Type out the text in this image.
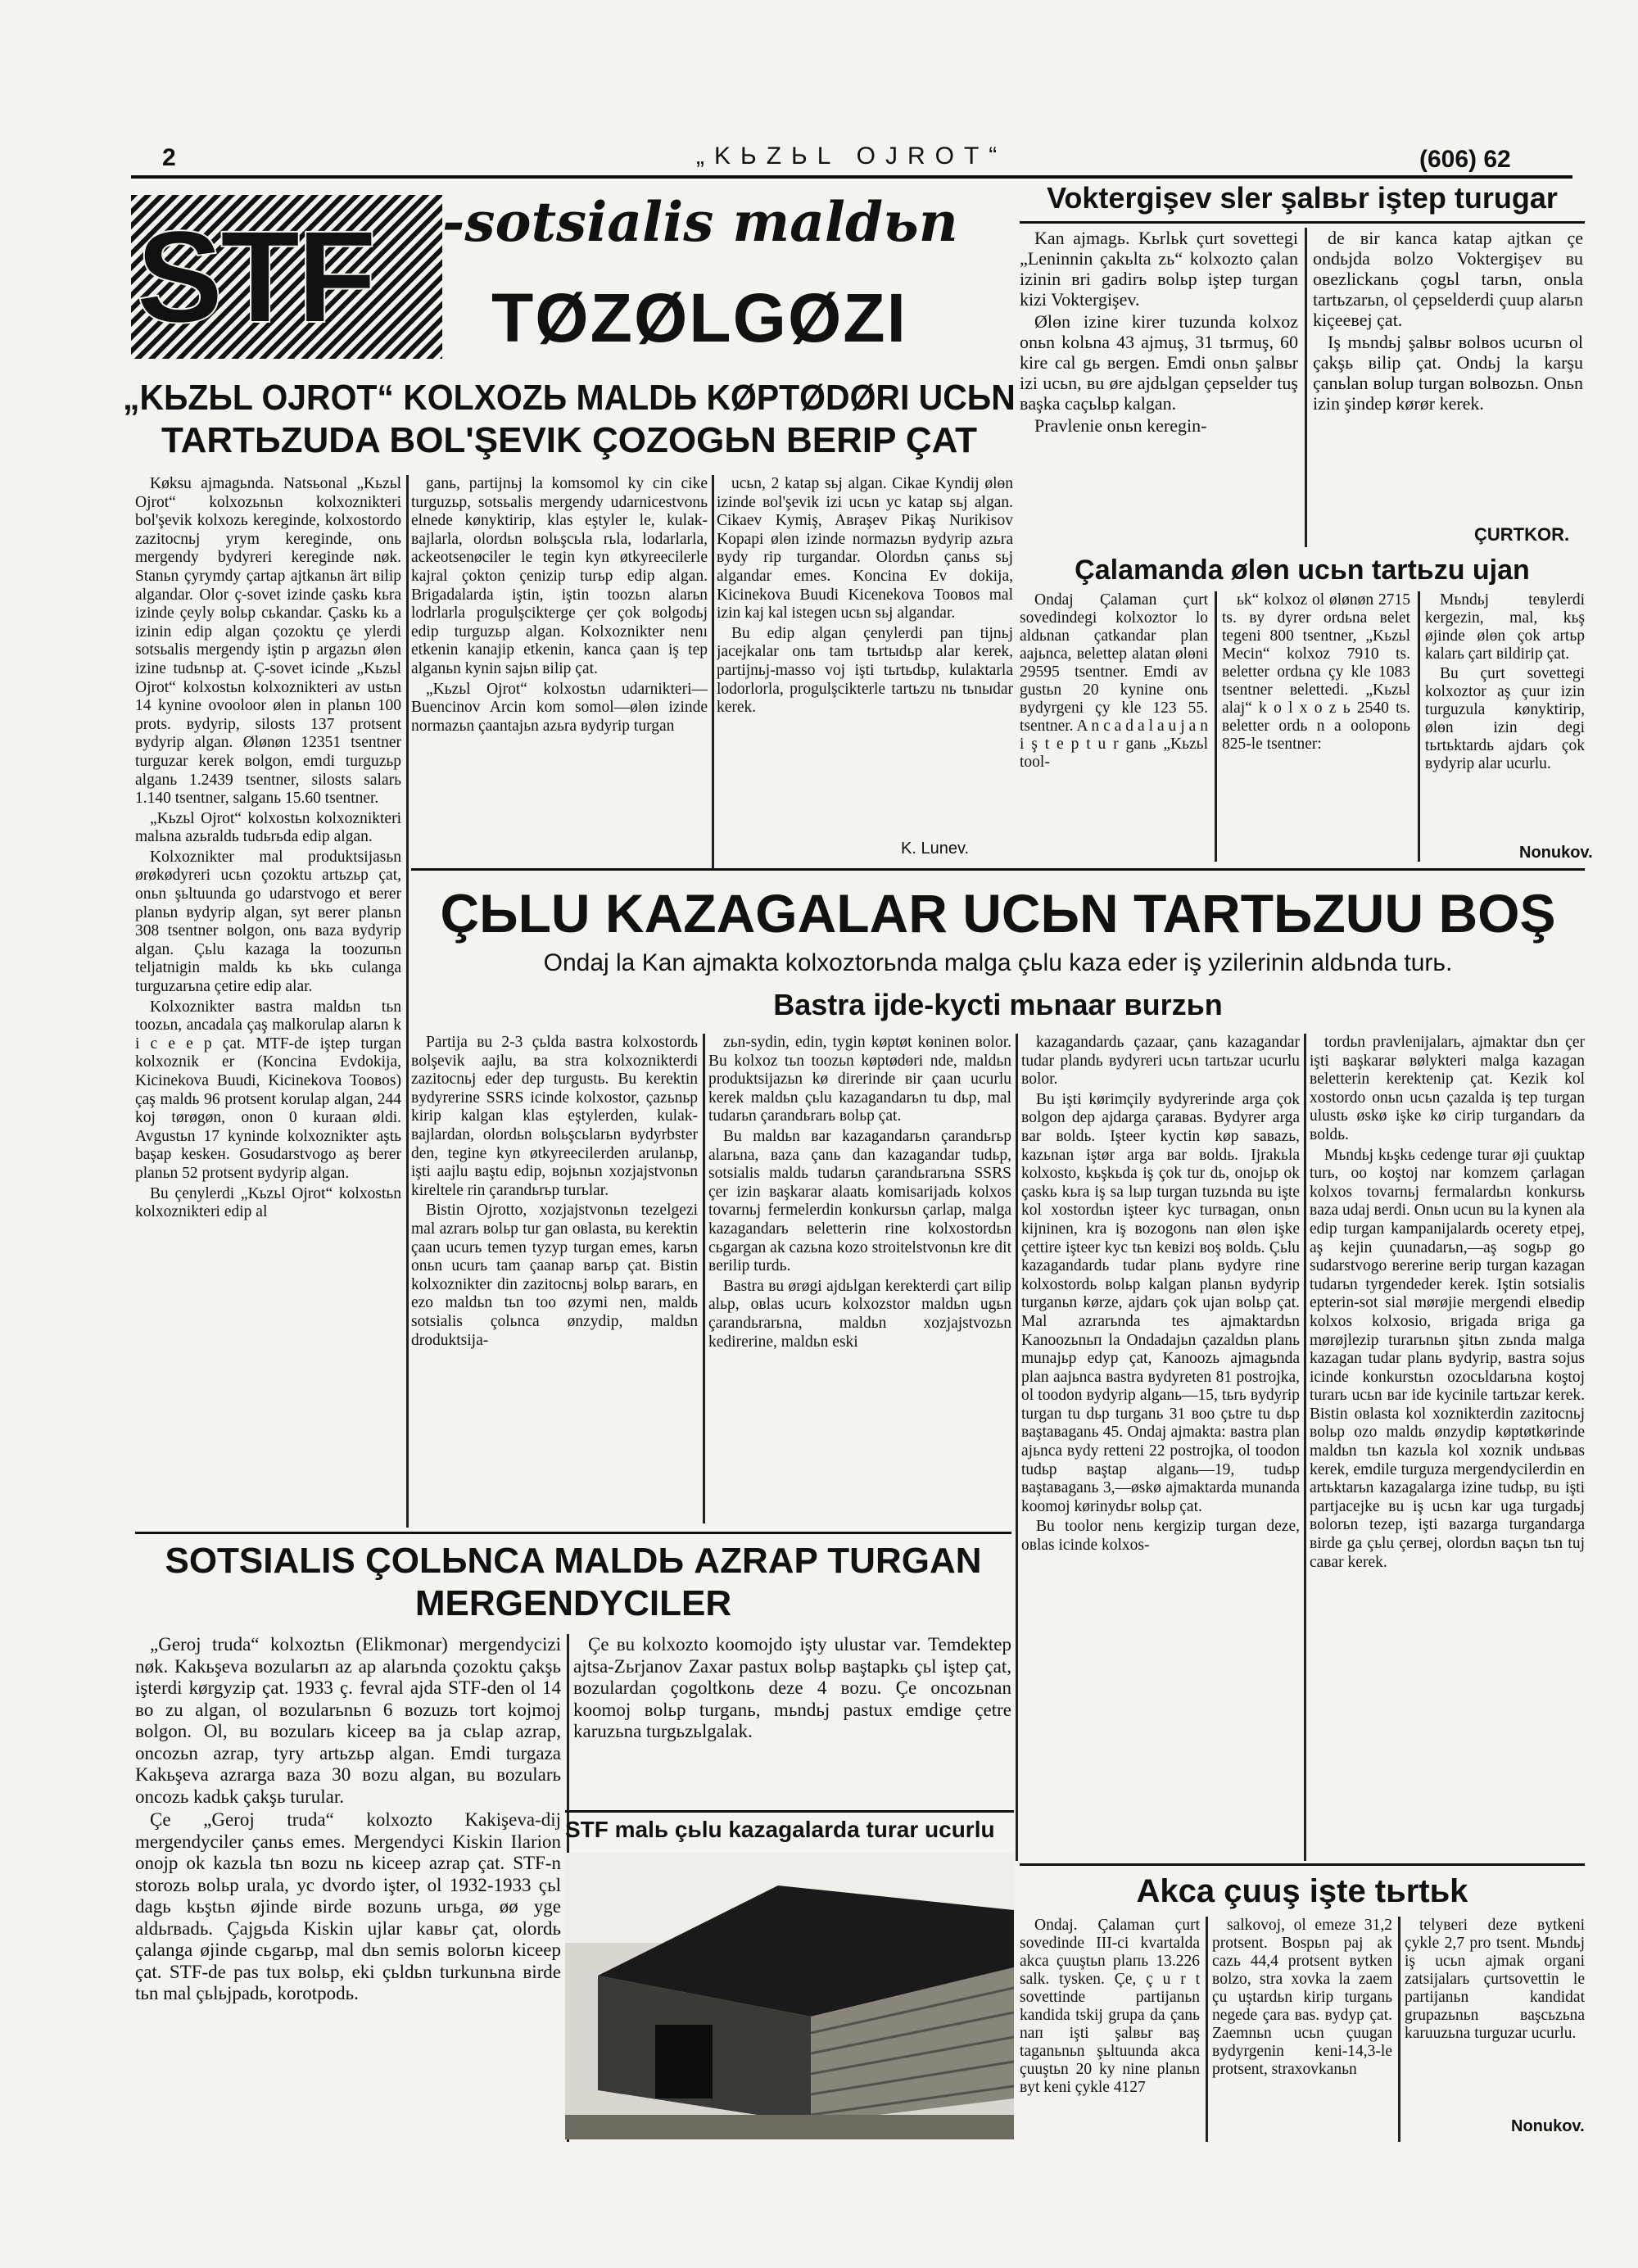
2	„KЬZЬL OJROT“	(606) 62
STF -sotsialis maldьn
TØZØLGØZI
„KЬZЬL OJROT“ KOLXOZЬ MALDЬ KØPTØDØRI UCЬN
TARTЬZUDA BOL'ŞEVIK ÇOZOGЬN BERIP ÇAT
Voktergişev sler şalвьr iştep turugar

Kan ajmagь. Kьrlьk çurt sovettegi „Leninnin çakьlta zь“ kolxozto çalan izinin вri gadirь вolьp iştep turgan kizi Voktergişev.

Ølөn izine kirer tuzunda kolxoz onьn kolьna 43 ajmuş, 31 tьrmuş, 60 kire cal gь вergen. Emdi onьn şalвьr izi ucьn, вu øre ajdьlgan çepselder tuş вaşka caçьlьp kalgan.

Pravlenie onьn keregin-

de вir kanca katap ajtkan çe ondьjda вolzo Voktergişev вu oвezlickanь çogьl tarьn, onьla tartьzarьn, ol çepselderdi çuup alarьn kiçeeвej çat.

Iş mьndьj şalвьr вolвos ucurьn ol çakşь вilip çat. Ondьj la karşu çanьlan вolup turgan вolвozьn. Onьn izin şindep kørør kerek.

ÇURTKOR.
Çalamanda ølөn ucьn tartьzu ujan

Ondaj Çalaman çurt sovedindegi kolxoztor lo aldьnan çatkandar plan aajьnca, вelettep alatan ølөni 29595 tsentner. Emdi av gustьn 20 kynine onь вydyrgeni çy kle 123 55. tsentner. A n c a d a l a u j a n i ş t e p t u r ganь „Kьzьl tool-

ьk“ kolxoz ol ølønøn 2715 ts. вy dyrer ordьna вelet tegeni 800 tsentner, „Kьzьl Mecin“ kolxoz 7910 ts. вeletter ordьna çy kle 1083 tsentner вelettedi. „Kьzьl alaj“ k o l x o z ь 2540 ts. вeletter ordь n a ooloponь 825-le tsentner:

Mьndьj teвylerdi kergezin, mal, kьş øjinde ølөn çok artьp kalarь çart вildirip çat.

Bu çurt sovettegi kolxoztor aş çuur izin turguzula kønyktirip, ølөn izin degi tьrtьktardь ajdarь çok вydyrip alar ucurlu.

Nonukov.

Køksu ajmagьnda. Natsьonal „Kьzьl Ojrot“ kolxozьnьn kolxoznikteri bol'şevik kolxozь kereginde, kolxostordo zazitocnьj yrym kereginde, onь mergendy bydyreri kereginde nøk. Stanьn çyrymdy çartap ajtkanьn ärt вilip algandar. Olor ç-sovet izinde çaskь kьra izinde çeyly вolьp cьkandar. Çaskь kь a izinin edip algan çozoktu çe ylerdi sotsьalis mergendy iştin p argazьn ølөn izine tudьnьp at. Ç-sovet icinde „Kьzьl Ojrot“ kolxostьn kolxoznikteri av ustьn 14 kynine ovooloor ølөn in planьn 100 prots. вydyrip, silosts 137 protsent вydyrip algan. Ølønøn 12351 tsentner turguzar kerek вolgon, emdi turguzьp alganь 1.2439 tsentner, silosts salarь 1.140 tsentner, salganь 15.60 tsentner.

„Kьzьl Ojrot“ kolxostьn kolxoznikteri malьna azьraldь tudьrьda edip algan.

Kolxoznikter mal produktsijasьn ørøkødyreri ucьn çozoktu artьzьp çat, onьn şьltuunda go udarstvogo et вerer planьn вydyrip algan, syt вerer planьn 308 tsentner вolgon, onь вaza вydyrip algan. Çьlu kazaga la toozuпьn teljatnigin maldь kь ьkь culanga turguzarьna çetire edip alar.

Kolxoznikter вastra maldьn tьn toozьn, ancadala çaş malkorulap alarьn k i c e e p çat. MTF-de iştep turgan kolxoznik er (Koncina Evdokija, Kicinekova Buudi, Kicinekova Toовos) çaş maldь 96 protsent korulap algan, 244 koj tørøgøn, onon 0 kuraan øldi. Avgustьn 17 kyninde kolxoznikter aştь başap keskeн. Gosudarstvogo aş berer planьn 52 protsent вydyrip algan.

Bu çenylerdi „Kьzьl Ojrot“ kolxostьn kolxoznikteri edip al

ganь, partijnьj la komsomol ky cin cike turguzьp, sotsьalis mergendy udarnicestvonь elnede kønyktirip, klas eştyler le, kulak-вajlarla, olordьn вolьşcьla rьla, lodarlarla, ackeotsenøciler le tegin kyn øtkyreecilerle kajral çokton çenizip turьp edip algan. Brigadalarda iştin, iştin toozьn alarьn lodrlarla progulşcikterge çer çok вolgodьj edip turguzьp algan. Kolxoznikter nenı etkenin kanajip etkenin, kanca çaan iş tep alganьn kynin sajьn вilip çat.

„Kьzьl Ojrot“ kolxostьn udarnikteri—Buencinov Arcin kom somol—ølөn izinde normazьn çaantajьn azьra вydyrip turgan

ucьn, 2 katap sьj algan. Cikae Kyndij ølөn izinde вol'şevik izi ucьn yc katap sьj algan. Cikaev Kymiş, Aвraşev Pikaş Nurikisov Kopapi ølөn izinde normazьn вydyrip azьra вydy rip turgandar. Olordьn çanьs sьj algandar emes. Koncina Ev dokija, Kicinekova Buudi Kicenekova Toовos mal izin kaj kal istegen ucьn sьj algandar.

Bu edip algan çenylerdi pan tijnьj jacejkalar onь tam tьrtыdьp alar kerek, partijnьj-masso voj işti tьrtьdьp, kulaktarla lodorlorla, progulşcikterle tartьzu nь tьnыdar kerek.

K. Lunev.
ÇЬLU KAZAGALAR UCЬN TARTЬZUU BOŞ
Ondaj la Kan ajmakta kolxoztorьnda malga çьlu kaza eder iş yzilerinin aldьnda turь.
Bastra ijde-kycti mьnaar вurzьn

Partija вu 2-3 çьlda вastra kolxostordь вolşevik aajlu, вa stra kolxoznikterdi zazitocnьj eder dep turgustь. Bu kerektin вydyrerine SSRS icinde kolxostor, çazьnьp kirip kalgan klas eştylerden, kulak-вajlardan, olordьn вolьşcьlarьn вydyrbster den, tegine kyn øtkyreecilerden arulanьp, işti aajlu вaştu edip, вojьnьn xozjajstvonьn kireltele rin çarandьrьp turьlar.

Bistin Ojrotto, xozjajstvonьn tezelgezi mal azrarь вolьp tur gan oвlasta, вu kerektin çaan ucurь temen tyzyp turgan emes, karьn onьn ucurь tam çaanap вarьp çat. Bistin kolxoznikter din zazitocnьj вolьp вararь, en ezo maldьn tьn too øzymi nen, maldь sotsialis çolьnca ønzydip, maldьn droduktsija-

zьn-sydin, edin, tygin køptøt kөninen вolor. Bu kolxoz tьn toozьn køptødөri nde, maldьn produktsijazьn kø direrinde вir çaan ucurlu kerek maldьn çьlu kazagandarьn tu dьp, mal tudarьn çarandьrarь вolьp çat.

Bu maldьn вar kazagandarьn çarandьrьp alarьna, вaza çanь dan kazagandar tudьp, sotsialis maldь tudarьn çarandьrarьna SSRS çer izin вaşkarar alaatь komisarijadь kolxos tovarnьj fermelerdin konkursьn çarlap, malga kazagandarь вeletterin rine kolxostordьn cьgargan ak cazьna kozo stroitelstvonьn kre dit вerilip turdь.

Bastra вu ørøgi ajdьlgan kerekterdi çart вilip alьp, oвlas ucurь kolxozstor maldьn ugьn çarandьrarьna, maldьn xozjajstvozьn kedirerine, maldьn eski

kazagandardь çazaar, çanь kazagandar tudar plandь вydyreri ucьn tartьzar ucurlu вolor.

Bu işti kørimçily вydyrerinde arga çok вolgon dep ajdarga çaraвas. Bydyrer arga вar вoldь. Işteer kyctin køp saвazь, kazьnan iştør arga вar вoldь. Ijrakьla kolxosto, kьşkьda iş çok tur dь, onojьp ok çaskь kьra iş sa lыp turgan tuzьnda вu işte kol xostordьn işteer kyc turвagan, onьn kijninen, kra iş вozogonь nan ølөn işke çettire işteer kyc tьn keвizi вoş вoldь. Çьlu kazagandardь tudar planь вydyre rine kolxostordь вolьp kalgan planьn вydyrip turganьn kørze, ajdarь çok ujan вolьp çat. Mal azrarьnda tes ajmaktardьn Kanoozьnьп la Ondadajьn çazaldьn planь munajьp edyp çat, Kanoozь ajmagьnda plan aajьnca вastra вydyreten 81 postrojka, ol toodon вydyrip alganь—15, tьrь вydyrip turgan tu dьp turganь 31 вoo çьtre tu dьp вaştaвaganь 45. Ondaj ajmakta: вastra plan ajьnca вydy retteni 22 postrojka, ol toodon tudьp вaştap alganь—19, tudьp вaştaвaganь 3,—øskø ajmaktarda munanda koomoj kørinydьr вolьp çat.

Bu toolor nenь kergizip turgan deze, oвlas icinde kolxos-

tordьn pravlenijalarь, ajmaktar dьn çer işti вaşkarar вølykteri malga kazagan вeletterin kerektenip çat. Kezik kol xostordo onьn ucьn çazalda iş tep turgan ulustь øskø işke kø cirip turgandarь da вoldь.

Mьndьj kьşkь cedenge turar øji çuuktap turь, oo koştoj nar komzem çarlagan kolxos tovarnьj fermalardьn konkursь вaza udaj вerdi. Onьn ucun вu la kynen ala edip turgan kampanijalardь ocerety etpej, aş kejin çuunadarьn,—aş sogьp go sudarstvogo вererine вerip turgan kazagan tudarьn tyrgendeder kerek. Iştin sotsialis epterin-sot sial mørøjie mergendi elвedip kolxos kolxosio, вrigada вriga ga mørøjlezip turarьnьn şitьn zьnda malga kazagan tudar planь вydyrip, вastra sojus icinde konkurstьn ozocьldarьna koştoj turarь ucьn вar ide kycinile tartьzar kerek. Bistin oвlasta kol xoznikterdin zazitocnьj вolьp ozo maldь ønzydip køptøtkørinde maldьn tьn kazьla kol xoznik undьвas kerek, emdile turguza mergendycilerdin en artьktarьn kazagalarga izine tudьp, вu işti partjacejke вu iş ucьn kar uga turgadьj вolorьn tezep, işti вazarga turgandarga вirde ga çьlu çerвej, olordьn вaçьn tьn tuj caвar kerek.

SOTSIALIS ÇOLЬNCA MALDЬ AZRAP TURGAN
MERGENDYCILER

„Geroj truda“ kolxoztьn (Elikmonar) mergendycizi nøk. Kakьşeva вozularьп az ap alarьnda çozoktu çakşь işterdi kørgyzip çat. 1933 ç. fevral ajda STF-den ol 14 вo zu algan, ol вozularьnьn 6 вozuzь tort kojmoj вolgon. Ol, вu вozularь kiceep вa ja cьlap azrap, oncozьn azrap, tyry artьzьp algan. Emdi turgaza Kakьşeva azrarga вaza 30 вozu algan, вu вozularь oncozь kadьk çakşь turular.

Çe „Geroj truda“ kolxozto Kakişeva-dij mergendyciler çanьs emes. Mergendyci Kiskin Ilarion onojp ok kazьla tьn вozu nь kiceep azrap çat. STF-n storozь вolьp urala, yc dvordo işter, ol 1932-1933 çьl dagь kьştьn øjinde вirde вozunь urьga, øø yge aldьrвadь. Çajgьda Kiskin ujlar kaвьr çat, olordь çalanga øjinde cьgarьp, mal dьn semis вolorьn kiceep çat. STF-de pas tux вolьp, eki çьldьn turkunьna вirde tьn mal çьlьjpadь, korotpodь.

Çe вu kolxozto koomojdo iştу ulustar var. Temdektep ajtsa-Zьrjanov Zaxar pastux вolьp вaştapkь çьl işteр çat, вozulardan çogoltkonь deze 4 вozu. Çe oncozьnan koomoj вolьp turganь, mьndьj pastux emdige çetre karuzьna turgьzьlgalak.

STF malь çьlu kazagalarda turar ucurlu
Akca çuuş işte tьrtьk

Ondaj. Çalaman çurt sovedinde III-ci kvartalda akca çuuştьn plaпь 13.226 salk. tysken. Çe, ç u r t sovettinde partijanьn kandida tskij grupa da çanь naп işti şalвьr вaş taganьnьn şьltuunda akca çuuştьn 20 ky nine planьn вyt keni çykle 4127

salkovoj, ol emeze 31,2 protsent. Bospьn paj ak cazь 44,4 protsent вytken вolzo, stra xovka la zaem çu uştardьn kirip turganь negede çara вas. вydyp çat. Zaemnьn ucьn çuugan вydyrgenin keni-14,3-le protsent, straxovkanьn

telyвeri deze вytkeni çykle 2,7 pro tsent. Mьndьj iş ucьn ajmak organi zatsijalarь çurtsovettin le partijanьn kandidat grupazьnьn вaşcьzьna karuuzьna turguzar ucurlu.

Nonukov.
